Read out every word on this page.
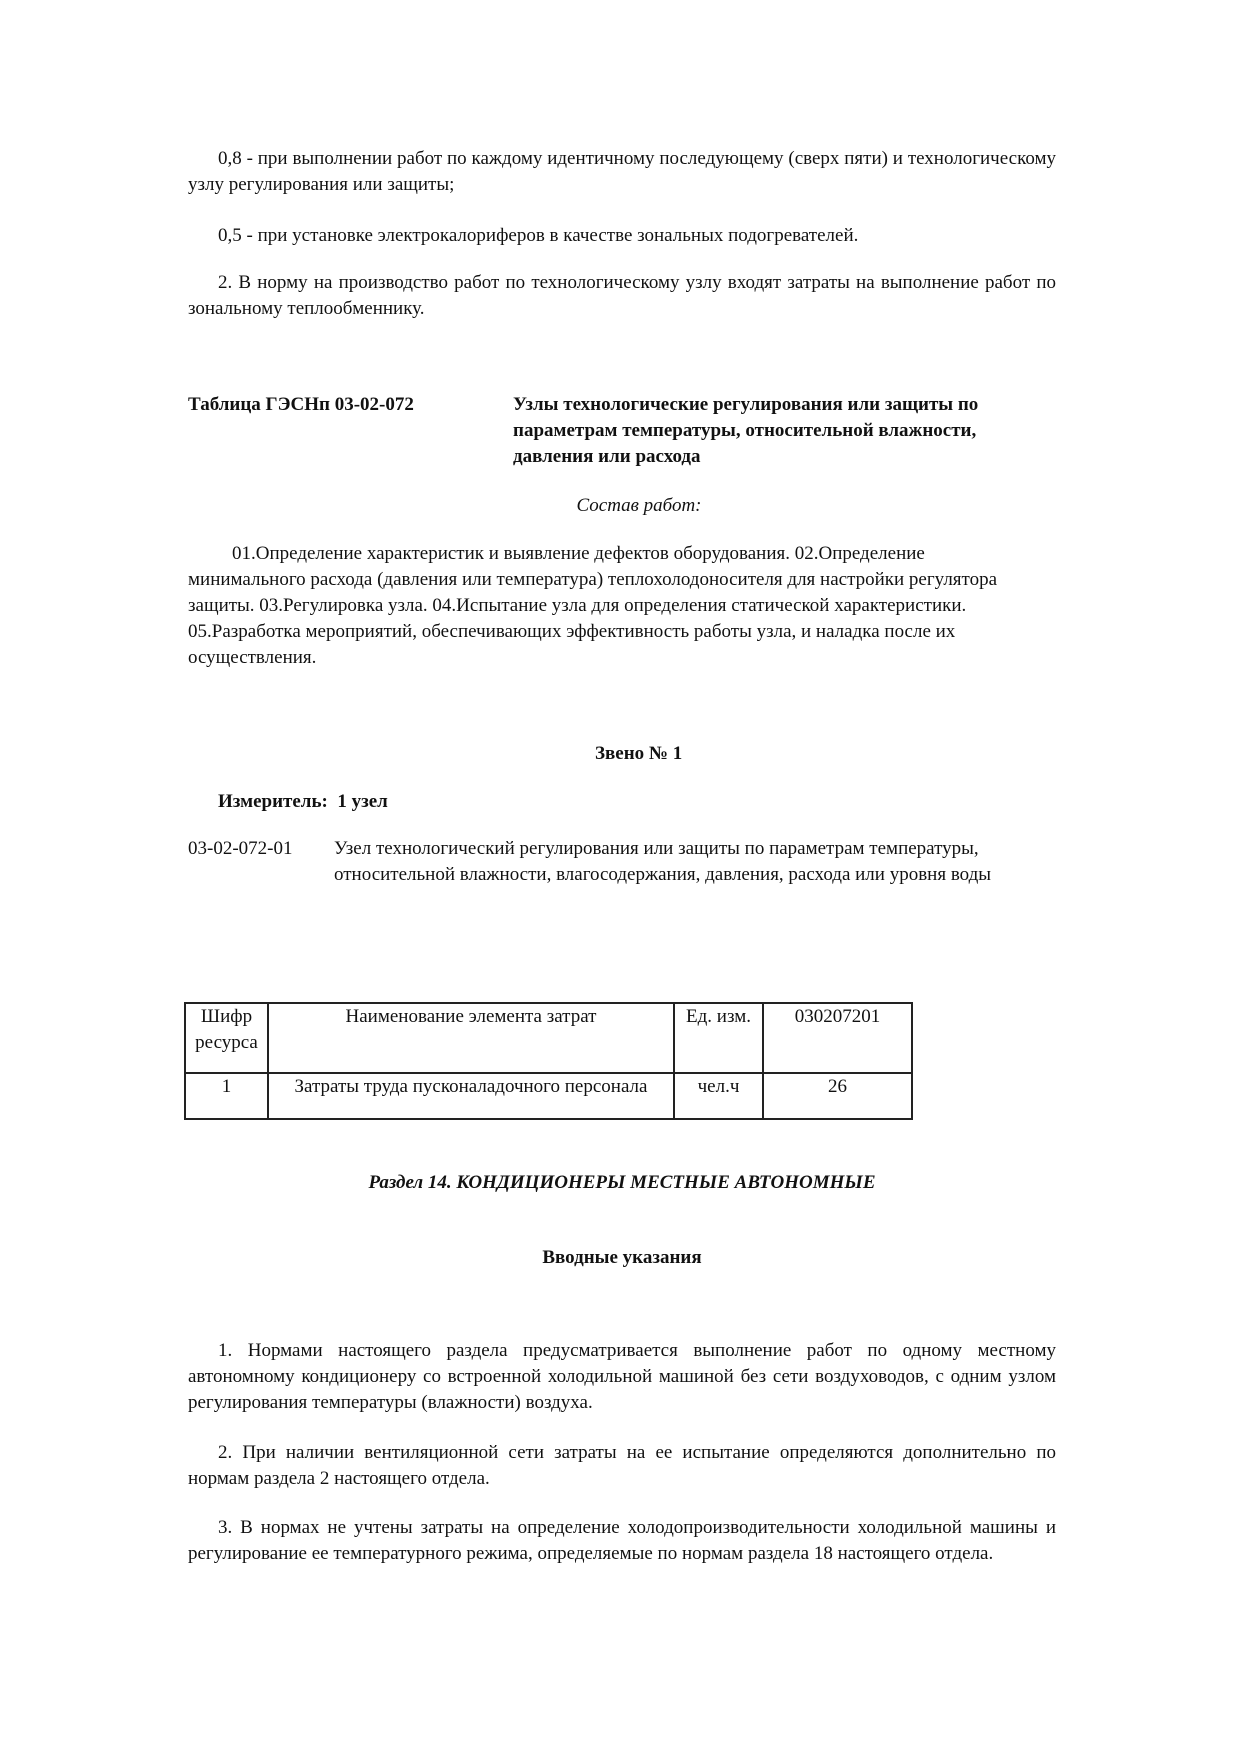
0,8 - при выполнении работ по каждому идентичному последующему (сверх пяти) и технологическому узлу регулирования или защиты;

0,5 - при установке электрокалориферов в качестве зональных подогревателей.

2. В норму на производство работ по технологическому узлу входят затраты на выполнение работ по зональному теплообменнику.

Таблица ГЭСНп 03-02-072	Узлы технологические регулирования или защиты по параметрам температуры, относительной влажности, давления или расхода
Состав работ:

01.Определение характеристик и выявление дефектов оборудования. 02.Определение минимального расхода (давления или температура) теплохолодоносителя для настройки регулятора защиты. 03.Регулировка узла. 04.Испытание узла для определения статической характеристики. 05.Разработка мероприятий, обеспечивающих эффективность работы узла, и наладка после их осуществления.

Звено № 1
Измеритель: 1 узел
03-02-072-01 Узел технологический регулирования или защиты по параметрам температуры, относительной влажности, влагосодержания, давления, расхода или уровня воды
Шифр ресурса	Наименование элемента затрат	Ед. изм.	030207201
1	Затраты труда пусконаладочного персонала	чел.ч	26
Раздел 14. КОНДИЦИОНЕРЫ МЕСТНЫЕ АВТОНОМНЫЕ
Вводные указания

1. Нормами настоящего раздела предусматривается выполнение работ по одному местному автономному кондиционеру со встроенной холодильной машиной без сети воздуховодов, с одним узлом регулирования температуры (влажности) воздуха.

2. При наличии вентиляционной сети затраты на ее испытание определяются дополнительно по нормам раздела 2 настоящего отдела.

3. В нормах не учтены затраты на определение холодопроизводительности холодильной машины и регулирование ее температурного режима, определяемые по нормам раздела 18 настоящего отдела.
